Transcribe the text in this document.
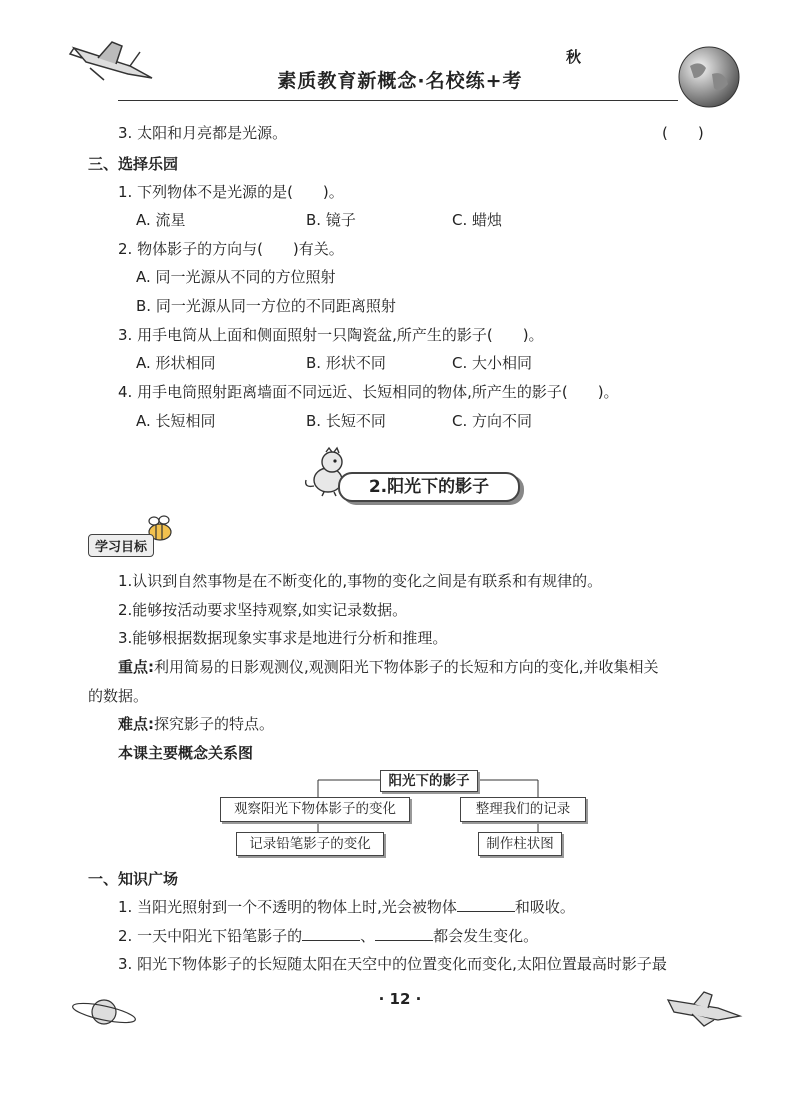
秋
素质教育新概念·名校练+考
3. 太阳和月亮都是光源。	(　　)
三、选择乐园
1. 下列物体不是光源的是(　　)。
A. 流星	B. 镜子	C. 蜡烛
2. 物体影子的方向与(　　)有关。
A. 同一光源从不同的方位照射
B. 同一光源从同一方位的不同距离照射
3. 用手电筒从上面和侧面照射一只陶瓷盆,所产生的影子(　　)。
A. 形状相同	B. 形状不同	C. 大小相同
4. 用手电筒照射距离墙面不同远近、长短相同的物体,所产生的影子(　　)。
A. 长短相同	B. 长短不同	C. 方向不同
2.阳光下的影子
学习目标
1.认识到自然事物是在不断变化的,事物的变化之间是有联系和有规律的。
2.能够按活动要求坚持观察,如实记录数据。
3.能够根据数据现象实事求是地进行分析和推理。
重点:利用简易的日影观测仪,观测阳光下物体影子的长短和方向的变化,并收集相关
的数据。
难点:探究影子的特点。
本课主要概念关系图
阳光下的影子
观察阳光下物体影子的变化	整理我们的记录
记录铅笔影子的变化	制作柱状图
一、知识广场
1. 当阳光照射到一个不透明的物体上时,光会被物体	和吸收。
2. 一天中阳光下铅笔影子的	、	都会发生变化。
3. 阳光下物体影子的长短随太阳在天空中的位置变化而变化,太阳位置最高时影子最
· 12 ·
